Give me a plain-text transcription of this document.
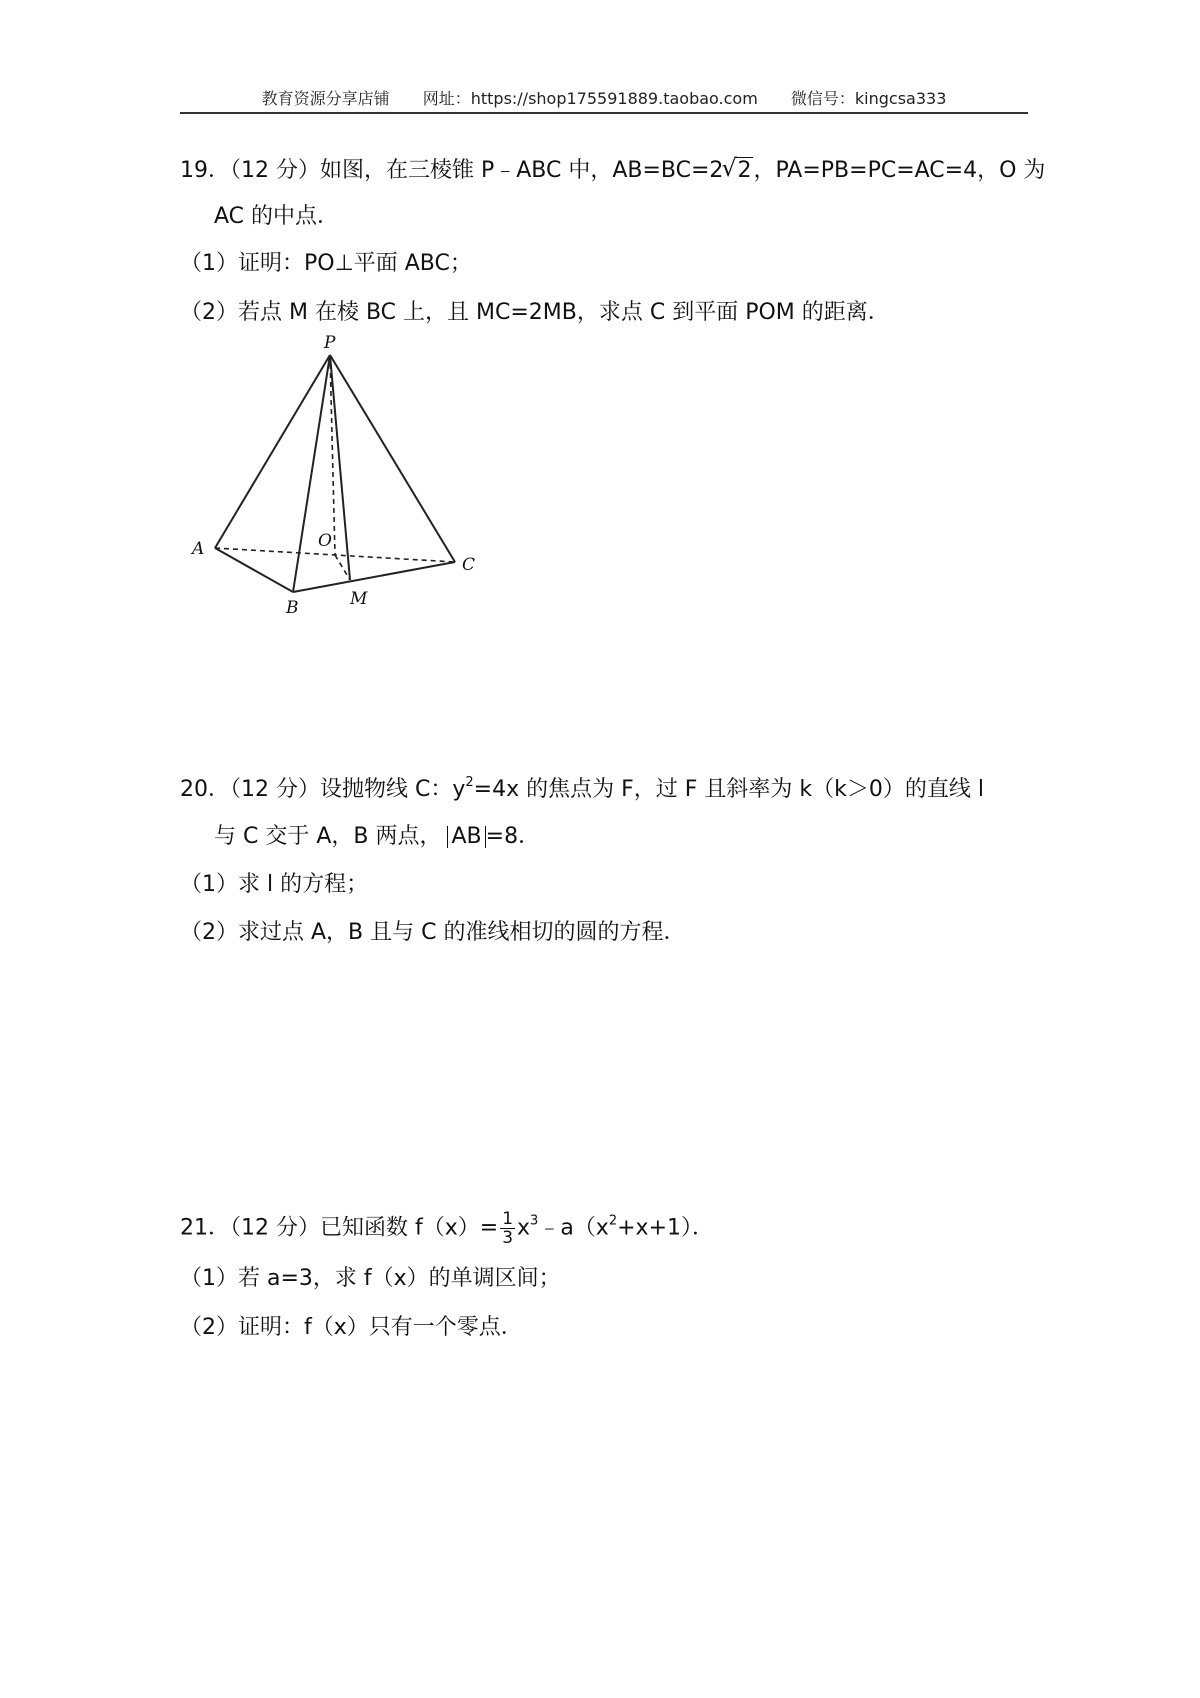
教育资源分享店铺 网址：https://shop175591889.taobao.com 微信号：kingcsa333
19．（12 分）如图，在三棱锥 P﹣ABC 中，AB=BC=2√ 2，PA=PB=PC=AC=4，O 为
AC 的中点．
（1）证明：PO⊥平面 ABC；
（2）若点 M 在棱 BC 上，且 MC=2MB，求点 C 到平面 POM 的距离．
P
A
B
C
O
M
20．（12 分）设抛物线 C：$y^2=4x$ 的焦点为 F，过 F 且斜率为 k（k＞0）的直线 l
与 C 交于 A，B 两点， AB =8．
（1）求 l 的方程；
（2）求过点 A，B 且与 C 的准线相切的圆的方程．
21．（12 分）已知函数 $f(x)= \frac{1}{3}$ $x^3﹣a(x^2+x+1)$．
（1）若 a=3，求 f（x）的单调区间；
（2）证明：f（x）只有一个零点．
